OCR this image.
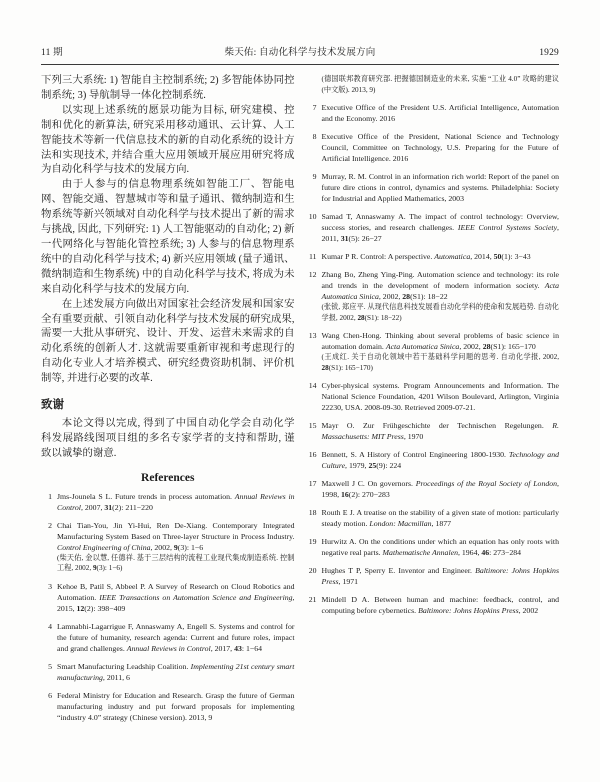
11 期	柴天佑: 自动化科学与技术发展方向	1929

下列三大系统: 1) 智能自主控制系统; 2) 多智能体协同控制系统; 3) 导航制导一体化控制系统.

以实现上述系统的愿景功能为目标, 研究建模、控制和优化的新算法, 研究采用移动通讯、云计算、人工智能技术等新一代信息技术的新的自动化系统的设计方法和实现技术, 并结合重大应用领域开展应用研究将成为自动化科学与技术的发展方向.

由于人参与的信息物理系统如智能工厂、智能电网、智能交通、智慧城市等和量子通讯、微纳制造和生物系统等新兴领域对自动化科学与技术提出了新的需求与挑战, 因此, 下列研究: 1) 人工智能驱动的自动化; 2) 新一代网络化与智能化管控系统; 3) 人参与的信息物理系统中的自动化科学与技术; 4) 新兴应用领域 (量子通讯、微纳制造和生物系统) 中的自动化科学与技术, 将成为未来自动化科学与技术的发展方向.

在上述发展方向做出对国家社会经济发展和国家安全有重要贡献、引领自动化科学与技术发展的研究成果, 需要一大批从事研究、设计、开发、运营未来需求的自动化系统的创新人才. 这就需要重新审视和考虑现行的自动化专业人才培养模式、研究经费资助机制、评价机制等, 并进行必要的改革.

致谢

本论文得以完成, 得到了中国自动化学会自动化学科发展路线图项目组的多名专家学者的支持和帮助, 谨致以诚挚的谢意.

References
1 Jms-Jounela S L. Future trends in process automation. Annual Reviews in Control, 2007, 31(2): 211−220
2 Chai Tian-You, Jin Yi-Hui, Ren De-Xiang. Contemporary Integrated Manufacturing System Based on Three-layer Structure in Process Industry. Control Engineering of China, 2002, 9(3): 1−6
(柴天佑, 金以慧, 任德祥. 基于三层结构的流程工业现代集成制造系统. 控制工程, 2002, 9(3): 1−6)
3 Kehoe B, Patil S, Abbeel P. A Survey of Research on Cloud Robotics and Automation. IEEE Transactions on Automation Science and Engineering, 2015, 12(2): 398−409
4 Lamnabhi-Lagarrigue F, Annaswamy A, Engell S. Systems and control for the future of humanity, research agenda: Current and future roles, impact and grand challenges. Annual Reviews in Control, 2017, 43: 1−64
5 Smart Manufacturing Leadship Coalition. Implementing 21st century smart manufacturing, 2011, 6
6 Federal Ministry for Education and Research. Grasp the future of German manufacturing industry and put forward proposals for implementing “industry 4.0” strategy (Chinese version). 2013, 9
(德国联邦教育研究部. 把握德国制造业的未来, 实施 “工业 4.0” 攻略的建议 (中文版). 2013, 9)
7 Executive Office of the President U.S. Artificial Intelligence, Automation and the Economy. 2016
8 Executive Office of the President, National Science and Technology Council, Committee on Technology, U.S. Preparing for the Future of Artificial Intelligence. 2016
9 Murray, R. M. Control in an information rich world: Report of the panel on future dire ctions in control, dynamics and systems. Philadelphia: Society for Industrial and Applied Mathematics, 2003
10 Samad T, Annaswamy A. The impact of control technology: Overview, success stories, and research challenges. IEEE Control Systems Society, 2011, 31(5): 26−27
11 Kumar P R. Control: A perspective. Automatica, 2014, 50(1): 3−43
12 Zhang Bo, Zheng Ying-Ping. Automation science and technology: its role and trends in the development of modern information society. Acta Automatica Sinica, 2002, 28(S1): 18−22
(张钹, 郑应平. 从现代信息科技发展看自动化学科的使命和发展趋势. 自动化学报, 2002, 28(S1): 18−22)
13 Wang Chen-Hong. Thinking about several problems of basic science in automation domain. Acta Automatica Sinica, 2002, 28(S1): 165−170
(王成红. 关于自动化领域中若干基础科学问题的思考. 自动化学报, 2002, 28(S1): 165−170)
14 Cyber-physical systems. Program Announcements and Information. The National Science Foundation, 4201 Wilson Boulevard, Arlington, Virginia 22230, USA. 2008-09-30. Retrieved 2009-07-21.
15 Mayr O. Zur Frühgeschichte der Technischen Regelungen. R. Massachusetts: MIT Press, 1970
16 Bennett, S. A History of Control Engineering 1800-1930. Technology and Culture, 1979, 25(9): 224
17 Maxwell J C. On governors. Proceedings of the Royal Society of London, 1998, 16(2): 270−283
18 Routh E J. A treatise on the stability of a given state of motion: particularly steady motion. London: Macmillan, 1877
19 Hurwitz A. On the conditions under which an equation has only roots with negative real parts. Mathematische Annalen, 1964, 46: 273−284
20 Hughes T P, Sperry E. Inventor and Engineer. Baltimore: Johns Hopkins Press, 1971
21 Mindell D A. Between human and machine: feedback, control, and computing before cybernetics. Baltimore: Johns Hopkins Press, 2002
